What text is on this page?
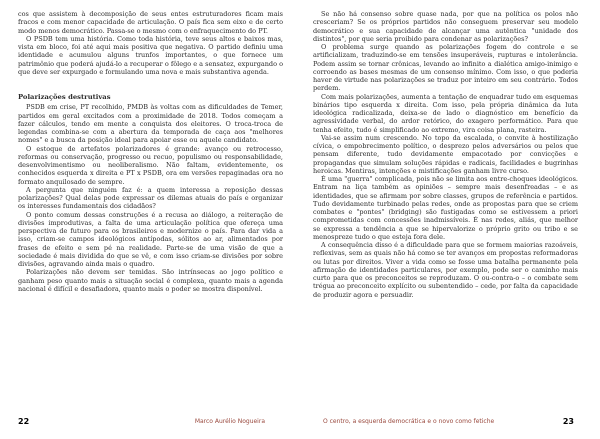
cos que assistem à decomposição de seus entes estruturadores ficam mais fracos e com menor capacidade de articulação. O país fica sem eixo e de certo modo menos democrático. Passa-se o mesmo com o enfraquecimento do PT.

O PSDB tem uma história. Como toda história, teve seus altos e baixos mas, vista em bloco, foi até aqui mais positiva que negativa. O partido definiu uma identidade e acumulou alguns trunfos importantes, o que fornece um patrimônio que poderá ajudá-lo a recuperar o fôlego e a sensatez, expurgando o que deve ser expurgado e formulando uma nova e mais substantiva agenda.

Polarizações destrutivas

PSDB em crise, PT recolhido, PMDB às voltas com as dificuldades de Temer, partidos em geral excitados com a proximidade de 2018. Todos começam a fazer cálculos, tendo em mente a conquista dos eleitores. O troca-troca de legendas combina-se com a abertura da temporada de caça aos "melhores nomes" e a busca da posição ideal para apoiar esse ou aquele candidato.

O estoque de artefatos polarizadores é grande: avanço ou retrocesso, reformas ou conservação, progresso ou recuo, populismo ou responsabilidade, desenvolvimentismo ou neoliberalismo. Não faltam, evidentemente, os conhecidos esquerda x direita e PT x PSDB, ora em versões repaginadas ora no formato anquilosado de sempre.

A pergunta que ninguém faz é: a quem interessa a reposição dessas polarizações? Qual delas pode expressar os dilemas atuais do país e organizar os interesses fundamentais dos cidadãos?

O ponto comum dessas construções é a recusa ao diálogo, a reiteração de divisões improdutivas, a falta de uma articulação política que ofereça uma perspectiva de futuro para os brasileiros e modernize o país. Para dar vida a isso, criam-se campos ideológicos antípodas, sólitos ao ar, alimentados por frases de efeito e sem pé na realidade. Parte-se de uma visão de que a sociedade é mais dividida do que se vê, e com isso criam-se divisões por sobre divisões, agravando ainda mais o quadro.

Polarizações não devem ser temidas. São intrínsecas ao jogo político e ganham peso quanto mais a situação social é complexa, quanto mais a agenda nacional é difícil e desafiadora, quanto mais o poder se mostra disponível.

Se não há consenso sobre quase nada, por que na política os polos não cresceriam? Se os próprios partidos não conseguem preservar seu modelo democrático e sua capacidade de alcançar uma autêntica "unidade dos distintos", por que seria proibido para condenar as polarizações?

O problema surge quando as polarizações fogem do controle e se artificializam, traduzindo-se em tensões insuperáveis, rupturas e intolerância. Podem assim se tornar crônicas, levando ao infinito a dialética amigo-inimigo e corroendo as bases mesmas de um consenso mínimo. Com isso, o que poderia haver de virtude nas polarizações se traduz por inteiro em seu contrário. Todos perdem.

Com mais polarizações, aumenta a tentação de enquadrar tudo em esquemas binários tipo esquerda x direita. Com isso, pela própria dinâmica da luta ideológica radicalizada, deixa-se de lado o diagnóstico em benefício da agressividade verbal, do ardor retórico, do exagero performático. Para que tenha efeito, tudo é simplificado ao extremo, vira coisa plana, rasteira.

Vai-se assim num crescendo. No topo da escalada, o convite à hostilização cívica, o empobrecimento político, o desprezo pelos adversários ou pelos que pensam diferente, tudo devidamente empacotado por convicções e propagandas que simulam soluções rápidas e radicais, facilidades e bugrinhas heroicas. Mentiras, intenções e mistificações ganham livre curso.

É uma "guerra" complicada, pois não se limita aos entre-choques ideológicos. Entram na liça também as opiniões – sempre mais desenfreadas – e as identidades, que se afirmam por sobre classes, grupos de referência e partidos. Tudo devidamente turbinado pelas redes, onde as propostas para que se criem combates e "pontes" (bridging) são fustigadas como se estivessem a priori comprometidas com concessões inadmissíveis. É nas redes, aliás, que melhor se expressa a tendência a que se hipervalorize o próprio grito ou tribo e se menospreze tudo o que esteja fora dele.

A consequência disso é a dificuldade para que se formem maiorias razoáveis, reflexivas, sem as quais não há como se ter avanços em propostas reformadoras ou lutas por direitos. Viver a vida como se fosse uma batalha permanente pela afirmação de identidades particulares, por exemplo, pode ser o caminho mais curto para que os preconceitos se reproduzam. O ou-contra-o – o combate sem trégua ao preconceito explícito ou subentendido – cede, por falta da capacidade de produzir agora e persuadir.

22	Marco Aurélio Nogueira	O centro, a esquerda democrática e o novo como fetiche	23
